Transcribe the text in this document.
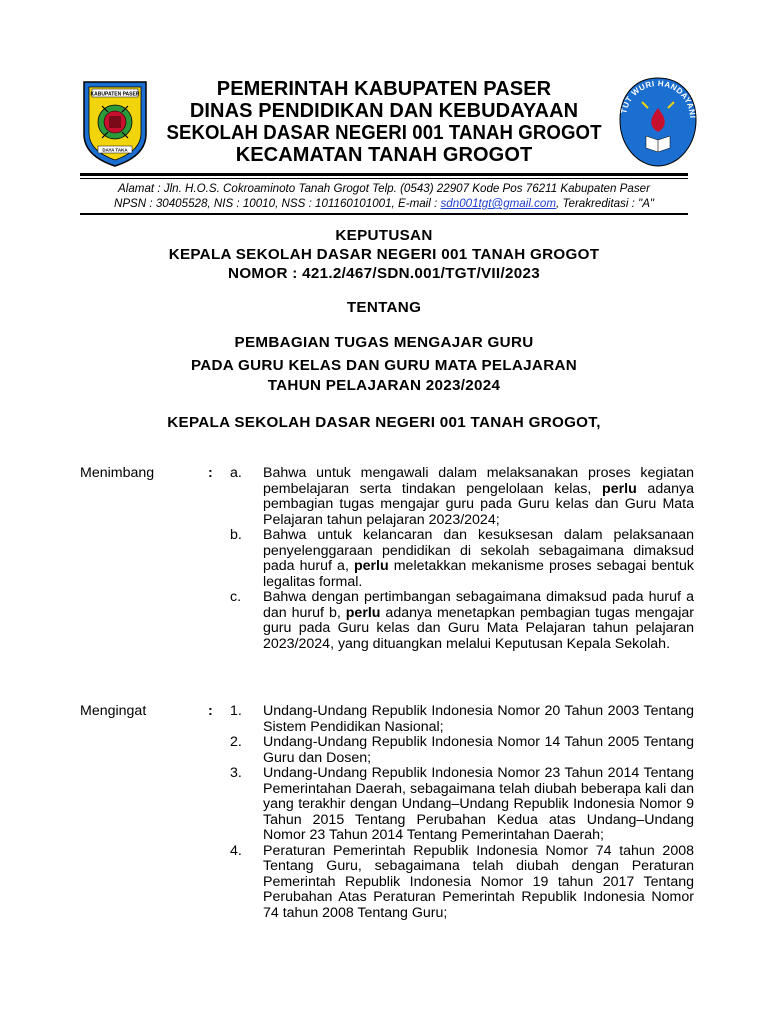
KABUPATEN PASER
DAYA TAKA
TUT WURI HANDAYANI
PEMERINTAH KABUPATEN PASER
DINAS PENDIDIKAN DAN KEBUDAYAAN
SEKOLAH DASAR NEGERI 001 TANAH GROGOT
KECAMATAN TANAH GROGOT
Alamat : Jln. H.O.S. Cokroaminoto Tanah Grogot Telp. (0543) 22907 Kode Pos 76211 Kabupaten Paser
NPSN : 30405528, NIS : 10010, NSS : 101160101001, E-mail : sdn001tgt@gmail.com, Terakreditasi : "A"
KEPUTUSAN
KEPALA SEKOLAH DASAR NEGERI 001 TANAH GROGOT
NOMOR : 421.2/467/SDN.001/TGT/VII/2023
TENTANG
PEMBAGIAN TUGAS MENGAJAR GURU
PADA GURU KELAS DAN GURU MATA PELAJARAN
TAHUN PELAJARAN 2023/2024
KEPALA SEKOLAH DASAR NEGERI 001 TANAH GROGOT,
Menimbang	: a. Bahwa untuk mengawali dalam melaksanakan proses kegiatan pembelajaran serta tindakan pengelolaan kelas, perlu adanya pembagian tugas mengajar guru pada Guru kelas dan Guru Mata Pelajaran tahun pelajaran 2023/2024;
b. Bahwa untuk kelancaran dan kesuksesan dalam pelaksanaan penyelenggaraan pendidikan di sekolah sebagaimana dimaksud pada huruf a, perlu meletakkan mekanisme proses sebagai bentuk legalitas formal.
c. Bahwa dengan pertimbangan sebagaimana dimaksud pada huruf a dan huruf b, perlu adanya menetapkan pembagian tugas mengajar guru pada Guru kelas dan Guru Mata Pelajaran tahun pelajaran 2023/2024, yang dituangkan melalui Keputusan Kepala Sekolah.
Mengingat	: 1. Undang-Undang Republik Indonesia Nomor 20 Tahun 2003 Tentang Sistem Pendidikan Nasional;
2. Undang-Undang Republik Indonesia Nomor 14 Tahun 2005 Tentang Guru dan Dosen;
3. Undang-Undang Republik Indonesia Nomor 23 Tahun 2014 Tentang Pemerintahan Daerah, sebagaimana telah diubah beberapa kali dan yang terakhir dengan Undang–Undang Republik Indonesia Nomor 9 Tahun 2015 Tentang Perubahan Kedua atas Undang–Undang Nomor 23 Tahun 2014 Tentang Pemerintahan Daerah;
4. Peraturan Pemerintah Republik Indonesia Nomor 74 tahun 2008 Tentang Guru, sebagaimana telah diubah dengan Peraturan Pemerintah Republik Indonesia Nomor 19 tahun 2017 Tentang Perubahan Atas Peraturan Pemerintah Republik Indonesia Nomor 74 tahun 2008 Tentang Guru;
